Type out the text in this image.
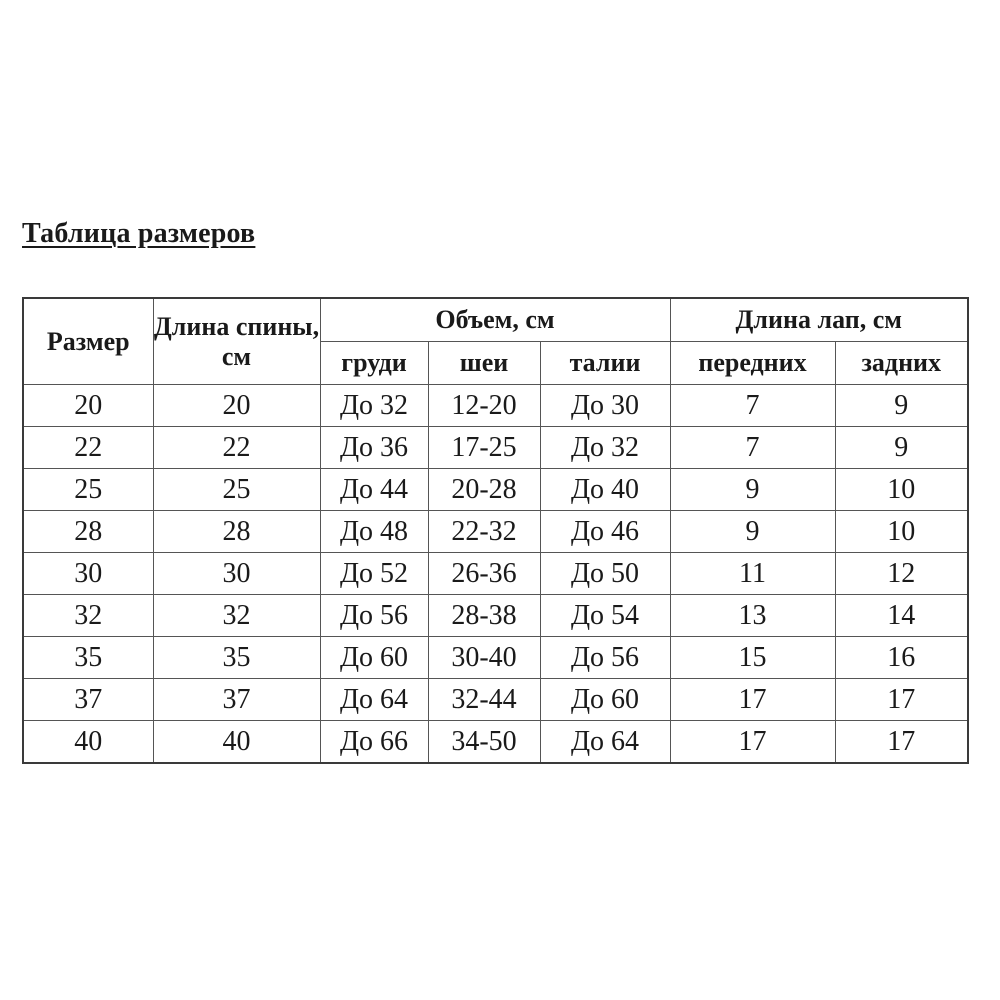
Таблица размеров
Размер	Длина спины, см	Объем, см			Длина лап, см	
		груди	шеи	талии	передних	задних
20	20	До 32	12-20	До 30	7	9
22	22	До 36	17-25	До 32	7	9
25	25	До 44	20-28	До 40	9	10
28	28	До 48	22-32	До 46	9	10
30	30	До 52	26-36	До 50	11	12
32	32	До 56	28-38	До 54	13	14
35	35	До 60	30-40	До 56	15	16
37	37	До 64	32-44	До 60	17	17
40	40	До 66	34-50	До 64	17	17
